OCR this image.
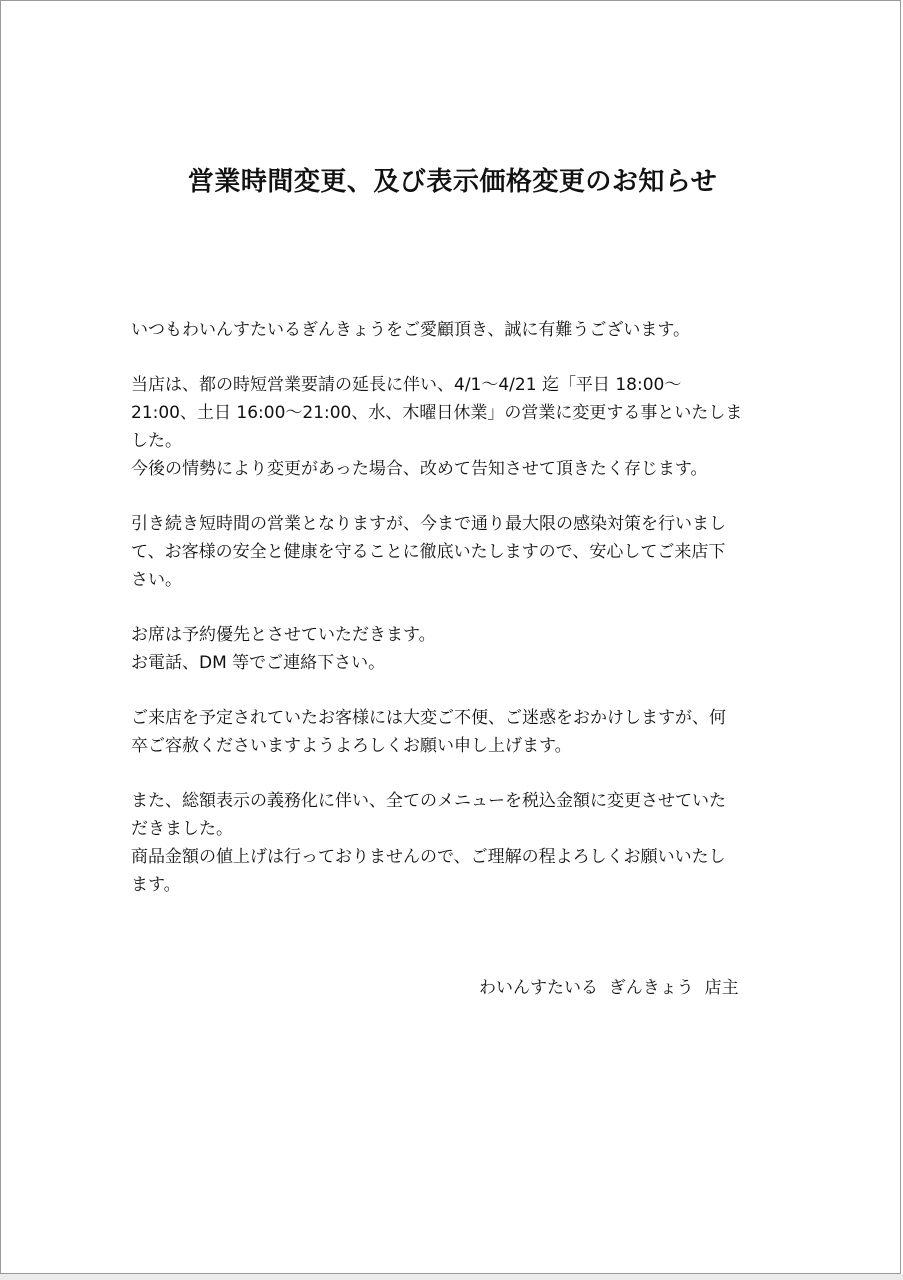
営業時間変更、及び表示価格変更のお知らせ

いつもわいんすたいるぎんきょうをご愛顧頂き、誠に有難うございます。

当店は、都の時短営業要請の延長に伴い、4/1〜4/21 迄「平日 18:00〜
21:00、土日 16:00〜21:00、水、木曜日休業」の営業に変更する事といたしま
した。
今後の情勢により変更があった場合、改めて告知させて頂きたく存じます。

引き続き短時間の営業となりますが、今まで通り最大限の感染対策を行いまし
て、お客様の安全と健康を守ることに徹底いたしますので、安心してご来店下
さい。

お席は予約優先とさせていただきます。
お電話、DM 等でご連絡下さい。

ご来店を予定されていたお客様には大変ご不便、ご迷惑をおかけしますが、何
卒ご容赦くださいますようよろしくお願い申し上げます。

また、総額表示の義務化に伴い、全てのメニューを税込金額に変更させていた
だきました。
商品金額の値上げは行っておりませんので、ご理解の程よろしくお願いいたし
ます。

わいんすたいる  ぎんきょう  店主
